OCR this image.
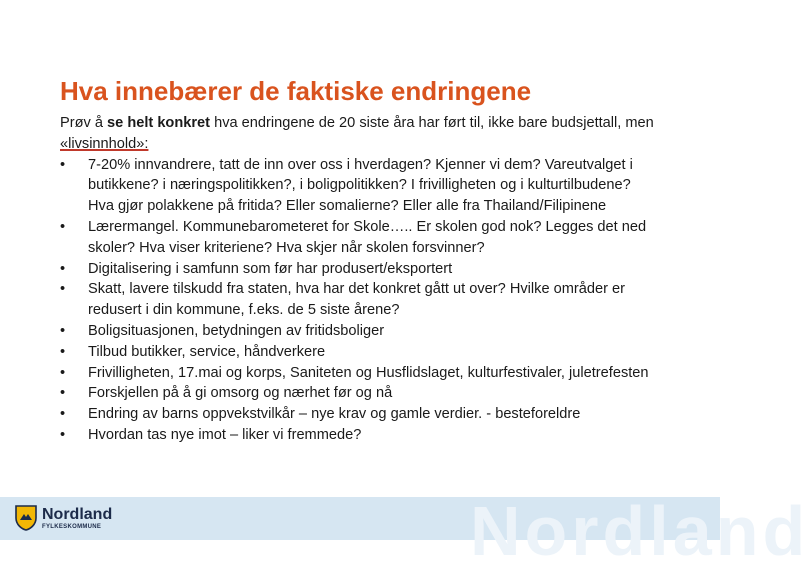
Hva innebærer de faktiske endringene

Prøv å se helt konkret hva endringene de 20 siste åra har ført til, ikke bare budsjettall, men «livsinnhold»:

• 7-20% innvandrere, tatt de inn over oss i hverdagen? Kjenner vi dem? Vareutvalget i butikkene? i næringspolitikken?, i boligpolitikken? I frivilligheten og i kulturtilbudene? Hva gjør polakkene på fritida? Eller somalierne? Eller alle fra Thailand/Filipinene
• Lærermangel. Kommunebarometeret for Skole….. Er skolen god nok? Legges det ned skoler? Hva viser kriteriene? Hva skjer når skolen forsvinner?
• Digitalisering i samfunn som før har produsert/eksportert
• Skatt, lavere tilskudd fra staten, hva har det konkret gått ut over? Hvilke områder er redusert i din kommune, f.eks. de 5 siste årene?
• Boligsituasjonen, betydningen av fritidsboliger
• Tilbud butikker, service, håndverkere
• Frivilligheten, 17.mai og korps, Saniteten og Husflidslaget, kulturfestivaler, juletrefesten
• Forskjellen på å gi omsorg og nærhet før og nå
• Endring av barns oppvekstvilkår – nye krav og gamle verdier. - besteforeldre
• Hvordan tas nye imot – liker vi fremmede?
Nordland
Nordland
FYLKESKOMMUNE
